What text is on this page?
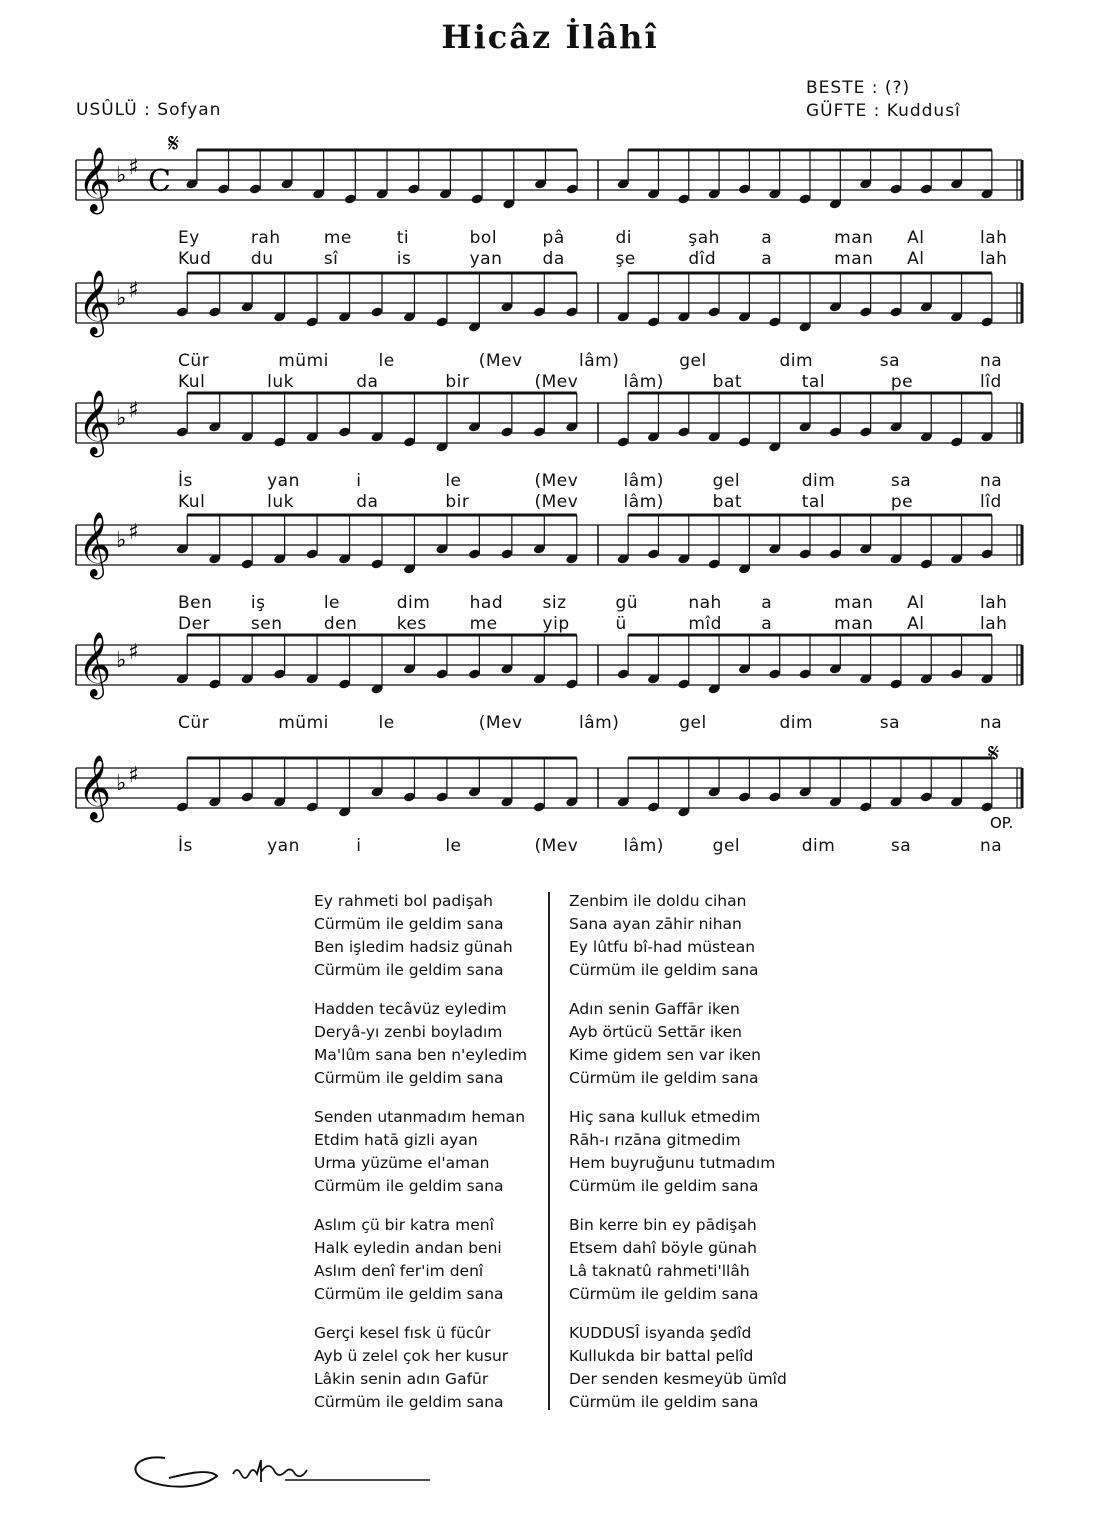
Hicâz İlâhî
USÛLÜ : Sofyan
BESTE : (?)
GÜFTE : Kuddusî
𝄞 ♭ ♯ C
𝄋
𝄞 ♭ ♯
𝄞 ♭ ♯
𝄞 ♭ ♯
𝄞 ♭ ♯
𝄞 ♭ ♯
𝄋
OP.
Ey	rah	me	ti	bol	pâ	di	şah a	man Al	lah
Kud du	sî	is	yan da	şe	dîd	a	man Al	lah
Cür	mümi	le	(Mev	lâm)	gel	dim	sa	na
Kul	luk	da	bir	(Mev	lâm)	bat	tal	pe	lîd
İs	yan	i	le	(Mev	lâm)	gel	dim	sa	na
Kul	luk	da	bir	(Mev	lâm)	bat	tal	pe	lîd
Ben iş	le	dim had siz	gü	nah a	man Al	lah
Der sen den kes	me	yip	ü	mîd a	man Al	lah
Cür	mümi	le	(Mev	lâm)	gel	dim	sa	na
İs	yan	i	le	(Mev	lâm)	gel	dim	sa	na
Ey rahmeti bol padişah
Cürmüm ile geldim sana
Ben işledim hadsiz günah
Cürmüm ile geldim sana
Hadden tecâvüz eyledim
Deryâ-yı zenbi boyladım
Ma'lûm sana ben n'eyledim
Cürmüm ile geldim sana
Senden utanmadım heman
Etdim hatā gizli ayan
Urma yüzüme el'aman
Cürmüm ile geldim sana
Aslım çü bir katra menî
Halk eyledin andan beni
Aslım denî fer'im denî
Cürmüm ile geldim sana
Gerçi kesel fısk ü fücûr
Ayb ü zelel çok her kusur
Lâkin senin adın Gafūr
Cürmüm ile geldim sana
Zenbim ile doldu cihan
Sana ayan zāhir nihan
Ey lûtfu bî-had müstean
Cürmüm ile geldim sana
Adın senin Gaffār iken
Ayb örtücü Settār iken
Kime gidem sen var iken
Cürmüm ile geldim sana
Hiç sana kulluk etmedim
Rāh-ı rızāna gitmedim
Hem buyruğunu tutmadım
Cürmüm ile geldim sana
Bin kerre bin ey pādişah
Etsem dahî böyle günah
Lâ taknatû rahmeti'llâh
Cürmüm ile geldim sana
KUDDUSÎ isyanda şedîd
Kullukda bir battal pelîd
Der senden kesmeyüb ümîd
Cürmüm ile geldim sana
